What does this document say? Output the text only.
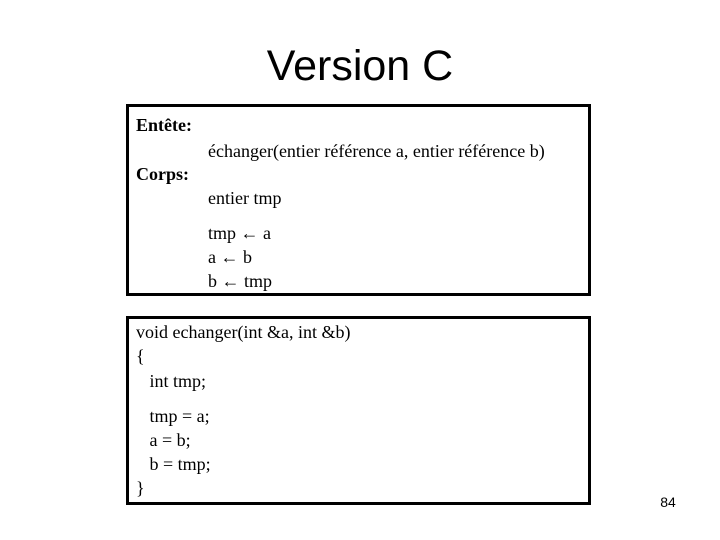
Version C
Entête:
échanger(entier référence a, entier référence b)
Corps:
entier tmp
tmp ← a
a ← b
b ← tmp
void echanger(int &a, int &b)
{
int tmp;
tmp = a;
a = b;
b = tmp;
}
84
